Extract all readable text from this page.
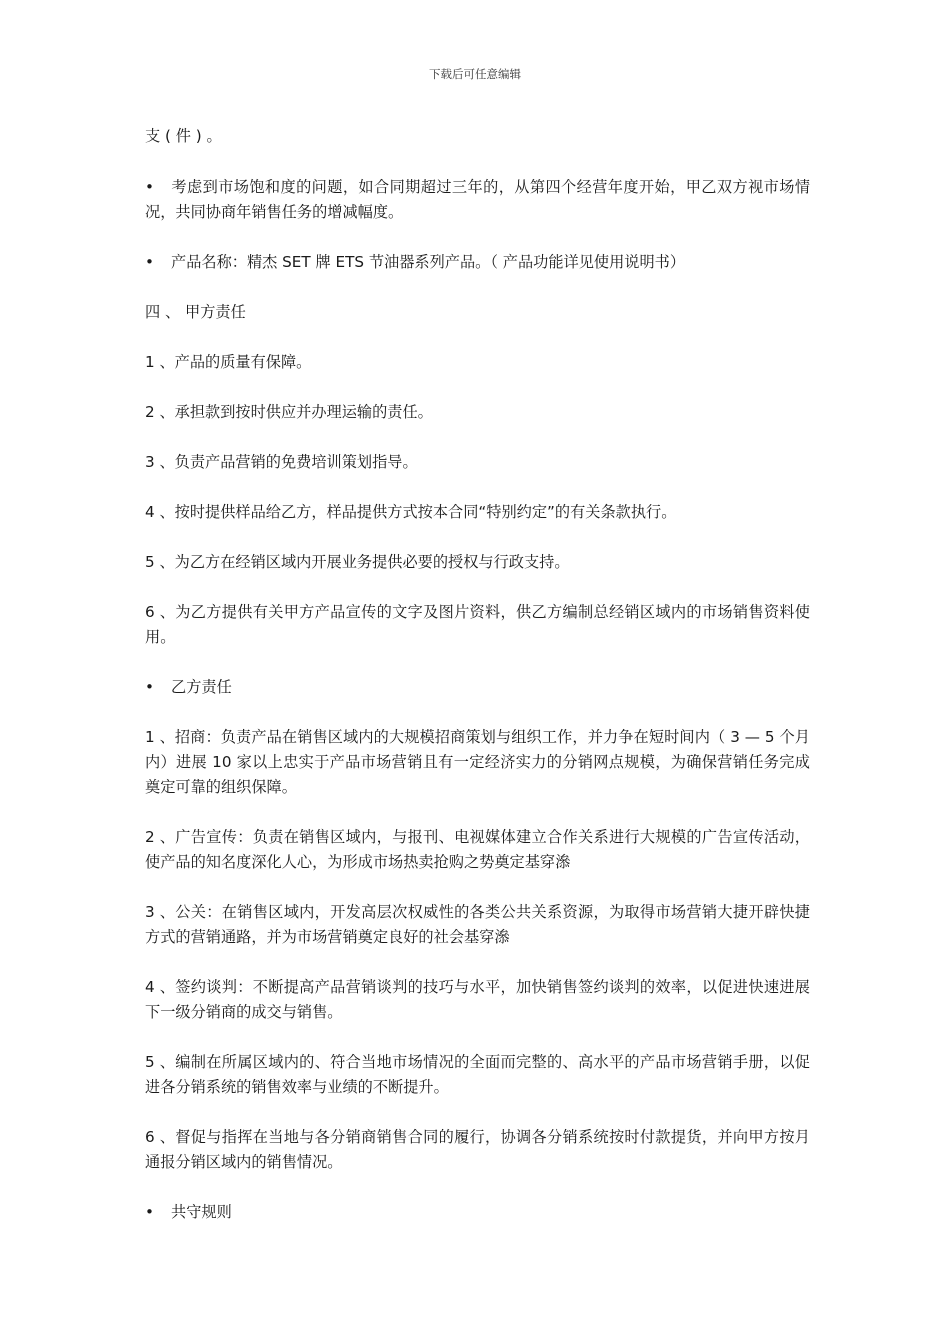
下载后可任意编辑

支 ( 件 ) 。

• 考虑到市场饱和度的问题，如合同期超过三年的，从第四个经营年度开始，甲乙双方视市场情况，共同协商年销售任务的增减幅度。

• 产品名称：精杰 SET 牌 ETS 节油器系列产品。（ 产品功能详见使用说明书）

四 、 甲方责任

1 、产品的质量有保障。

2 、承担款到按时供应并办理运输的责任。

3 、负责产品营销的免费培训策划指导。

4 、按时提供样品给乙方，样品提供方式按本合同“特别约定”的有关条款执行。

5 、为乙方在经销区域内开展业务提供必要的授权与行政支持。

6 、为乙方提供有关甲方产品宣传的文字及图片资料，供乙方编制总经销区域内的市场销售资料使用。

• 乙方责任

1 、招商：负责产品在销售区域内的大规模招商策划与组织工作，并力争在短时间内（ 3 — 5 个月内）进展 10 家以上忠实于产品市场营销且有一定经济实力的分销网点规模，为确保营销任务完成奠定可靠的组织保障。

2 、广告宣传：负责在销售区域内，与报刊、电视媒体建立合作关系进行大规模的广告宣传活动，使产品的知名度深化人心，为形成市场热卖抢购之势奠定基穿㵕

3 、公关：在销售区域内，开发高层次权威性的各类公共关系资源，为取得市场营销大捷开辟快捷方式的营销通路，并为市场营销奠定良好的社会基穿㵕

4 、签约谈判：不断提高产品营销谈判的技巧与水平，加快销售签约谈判的效率，以促进快速进展下一级分销商的成交与销售。

5 、编制在所属区域内的、符合当地市场情况的全面而完整的、高水平的产品市场营销手册，以促进各分销系统的销售效率与业绩的不断提升。

6 、督促与指挥在当地与各分销商销售合同的履行，协调各分销系统按时付款提货，并向甲方按月通报分销区域内的销售情况。

• 共守规则
